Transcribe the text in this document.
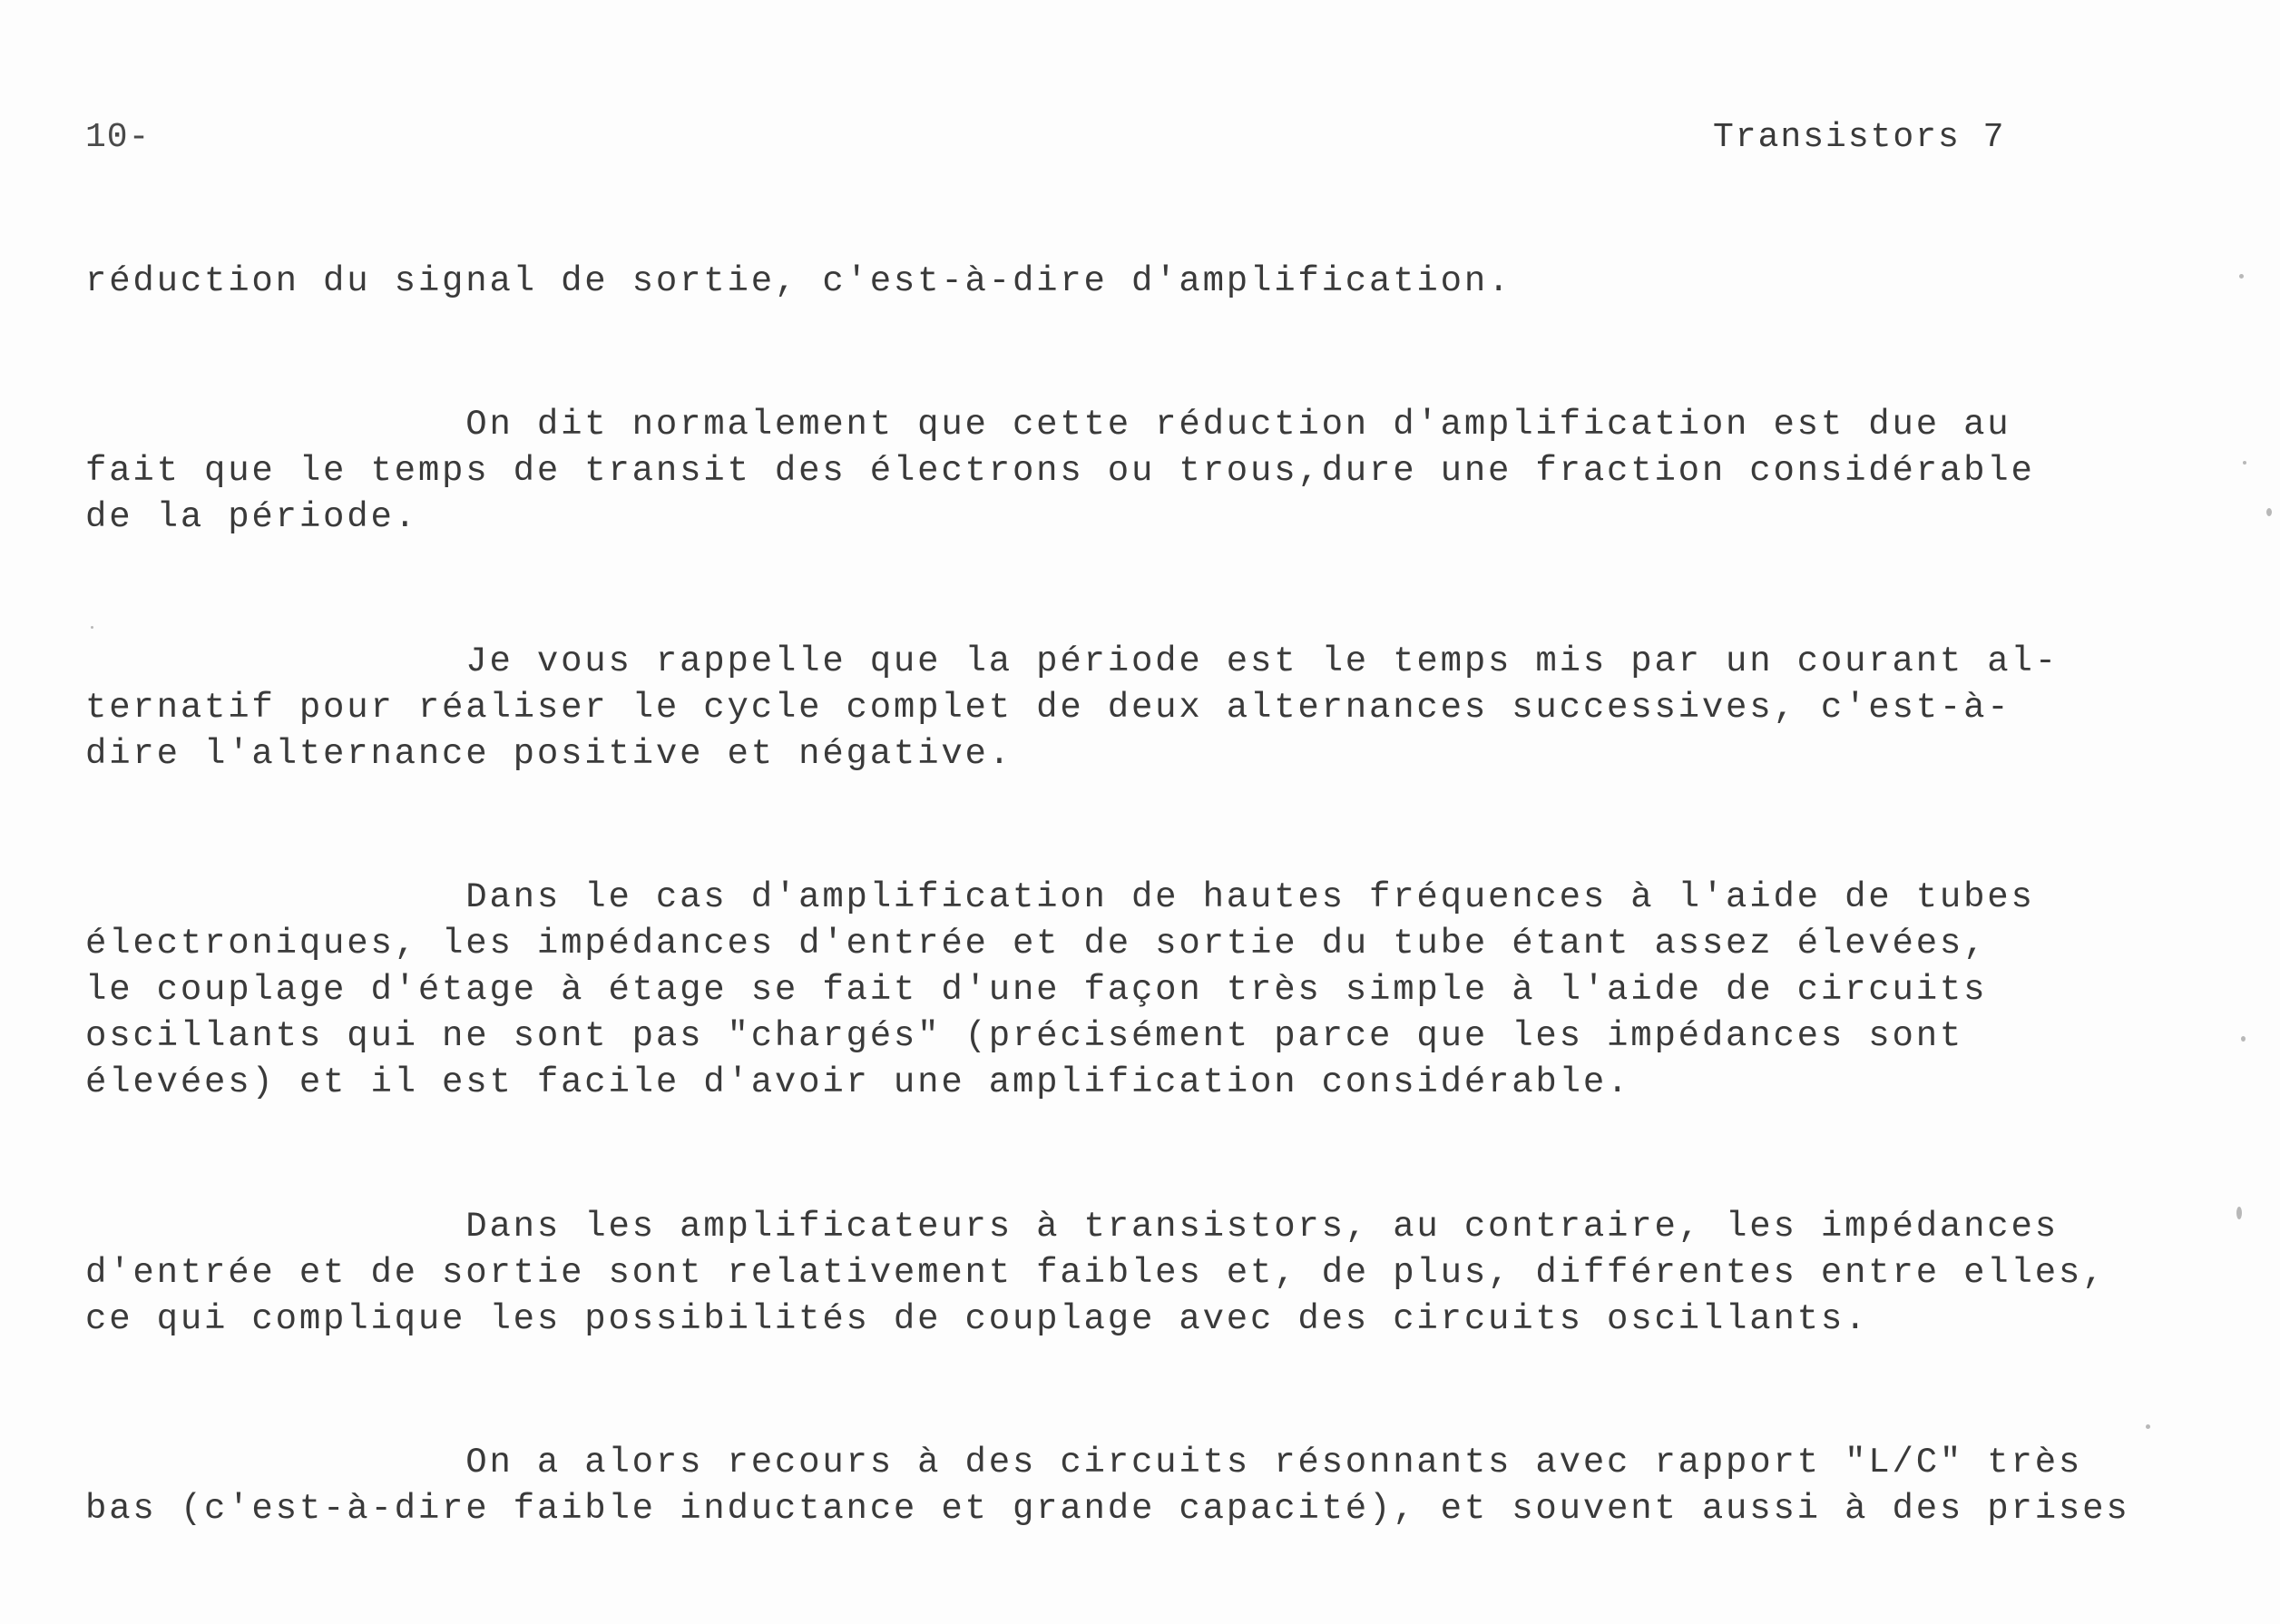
10-	Transistors 7
réduction du signal de sortie, c'est-à-dire d'amplification.
On dit normalement que cette réduction d'amplification est due au
fait que le temps de transit des électrons ou trous,dure une fraction considérable
de la période.
Je vous rappelle que la période est le temps mis par un courant al-
ternatif pour réaliser le cycle complet de deux alternances successives, c'est-à-
dire l'alternance positive et négative.
Dans le cas d'amplification de hautes fréquences à l'aide de tubes
électroniques, les impédances d'entrée et de sortie du tube étant assez élevées,
le couplage d'étage à étage se fait d'une façon très simple à l'aide de circuits
oscillants qui ne sont pas "chargés" (précisément parce que les impédances sont
élevées) et il est facile d'avoir une amplification considérable.
Dans les amplificateurs à transistors, au contraire, les impédances
d'entrée et de sortie sont relativement faibles et, de plus, différentes entre elles,
ce qui complique les possibilités de couplage avec des circuits oscillants.
On a alors recours à des circuits résonnants avec rapport "L/C" très
bas (c'est-à-dire faible inductance et grande capacité), et souvent aussi à des prises
